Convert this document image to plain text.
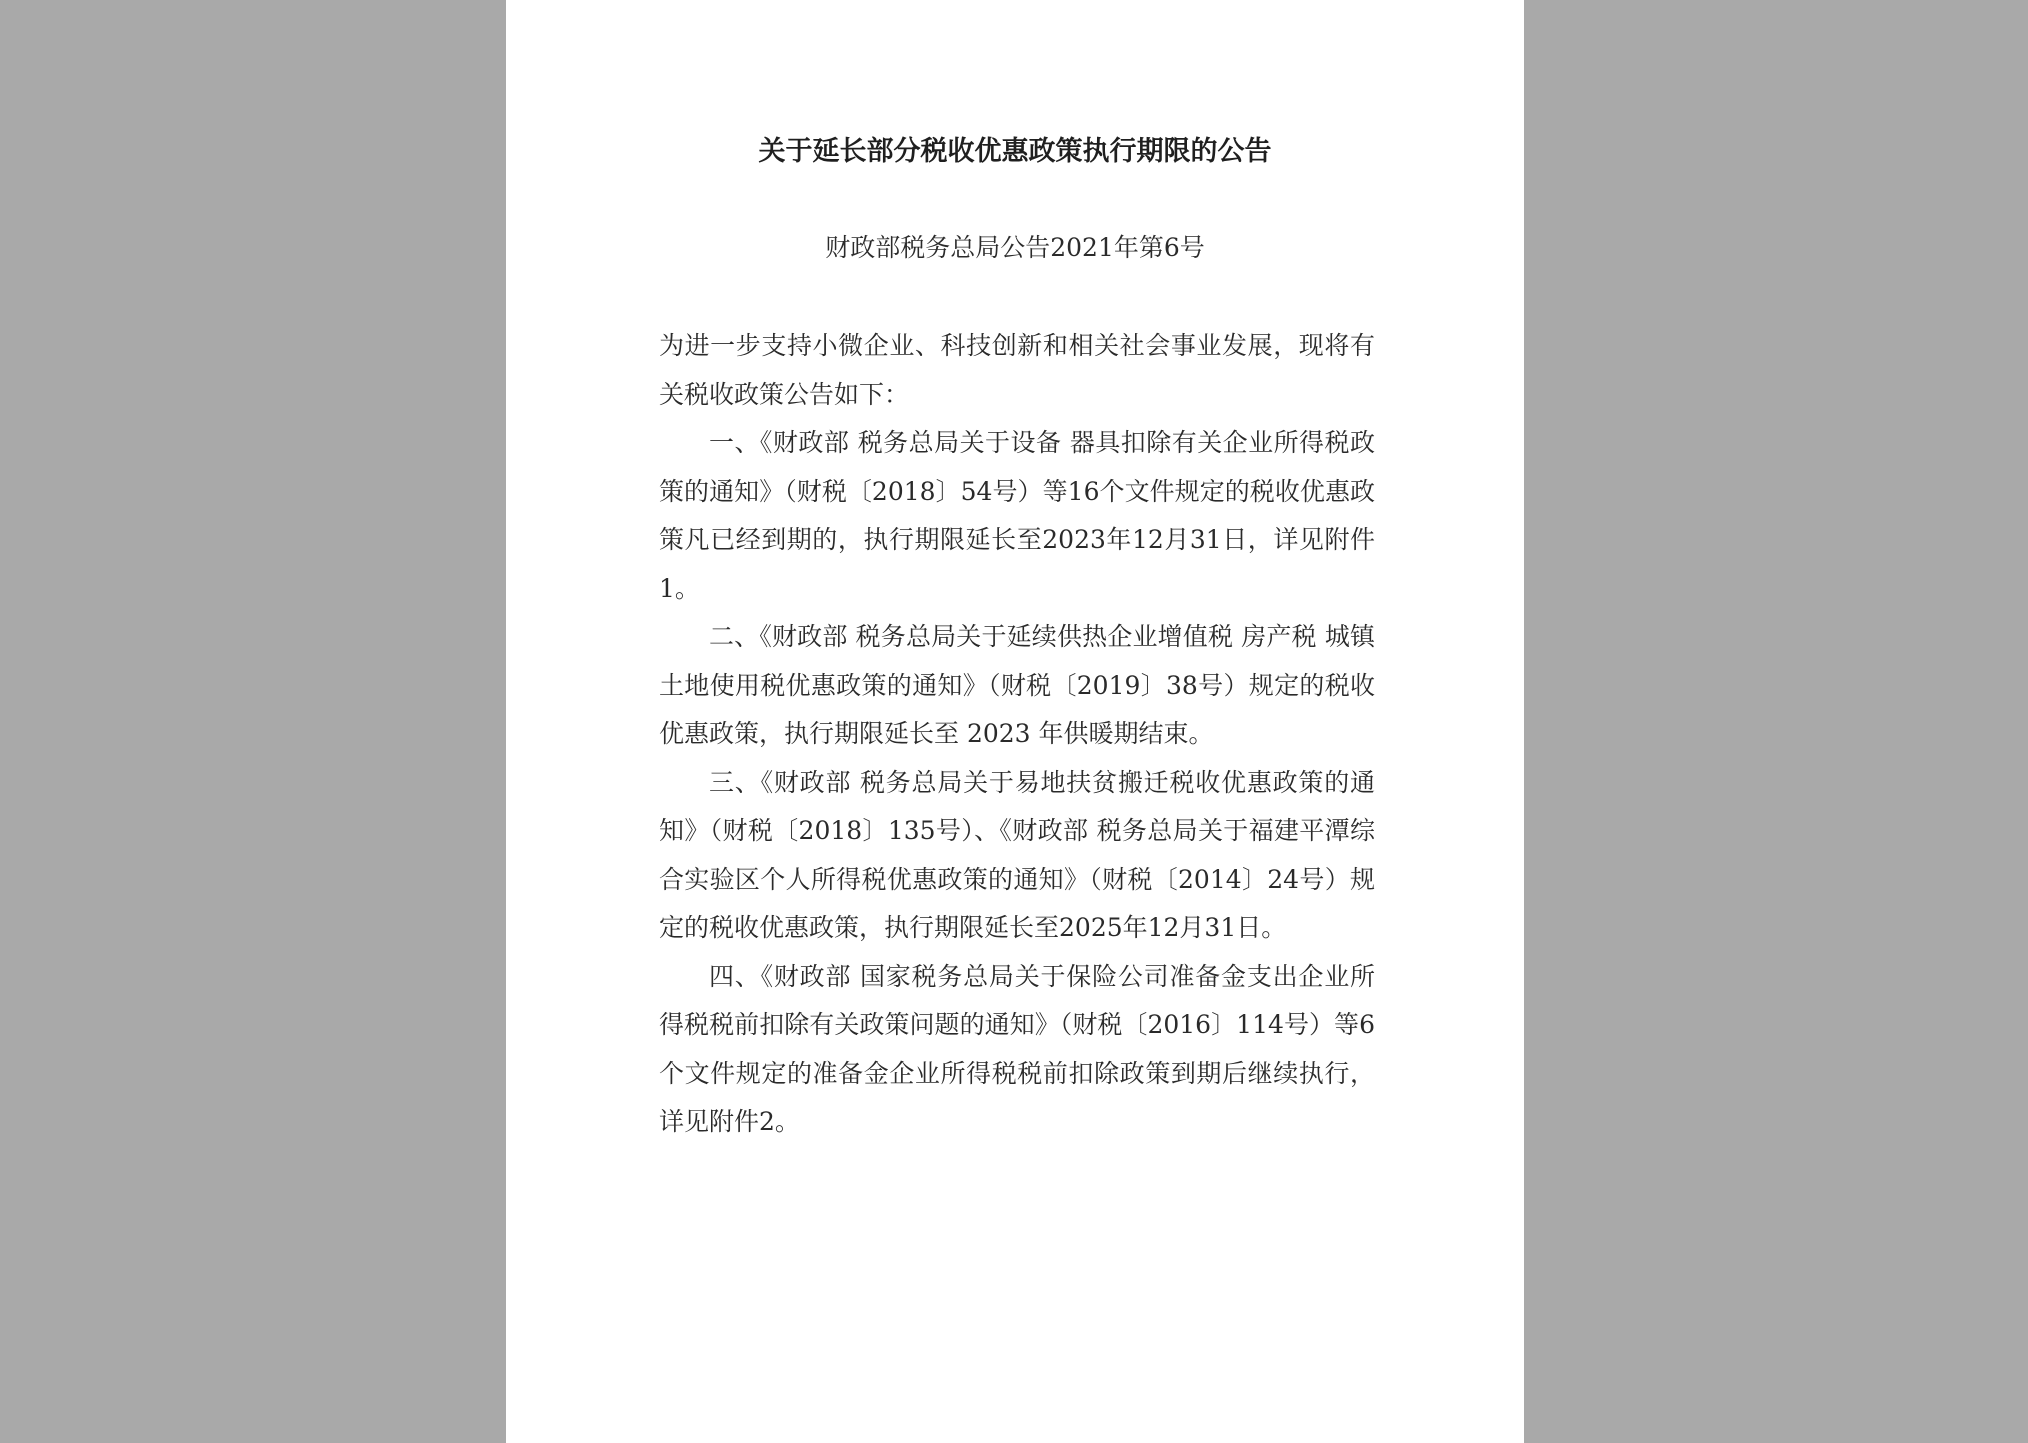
关于延长部分税收优惠政策执行期限的公告
财政部税务总局公告2021年第6号

为进一步支持小微企业、科技创新和相关社会事业发展，现将有关税收政策公告如下：

一、《财政部 税务总局关于设备 器具扣除有关企业所得税政策的通知》（财税〔2018〕54号）等16个文件规定的税收优惠政策凡已经到期的，执行期限延长至2023年12月31日，详见附件1。

二、《财政部 税务总局关于延续供热企业增值税 房产税 城镇土地使用税优惠政策的通知》（财税〔2019〕38号）规定的税收优惠政策，执行期限延长至 2023 年供暖期结束。

三、《财政部 税务总局关于易地扶贫搬迁税收优惠政策的通知》（财税〔2018〕135号）、《财政部 税务总局关于福建平潭综合实验区个人所得税优惠政策的通知》（财税〔2014〕24号）规定的税收优惠政策，执行期限延长至2025年12月31日。

四、《财政部 国家税务总局关于保险公司准备金支出企业所得税税前扣除有关政策问题的通知》（财税〔2016〕114号）等6个文件规定的准备金企业所得税税前扣除政策到期后继续执行，详见附件2。
